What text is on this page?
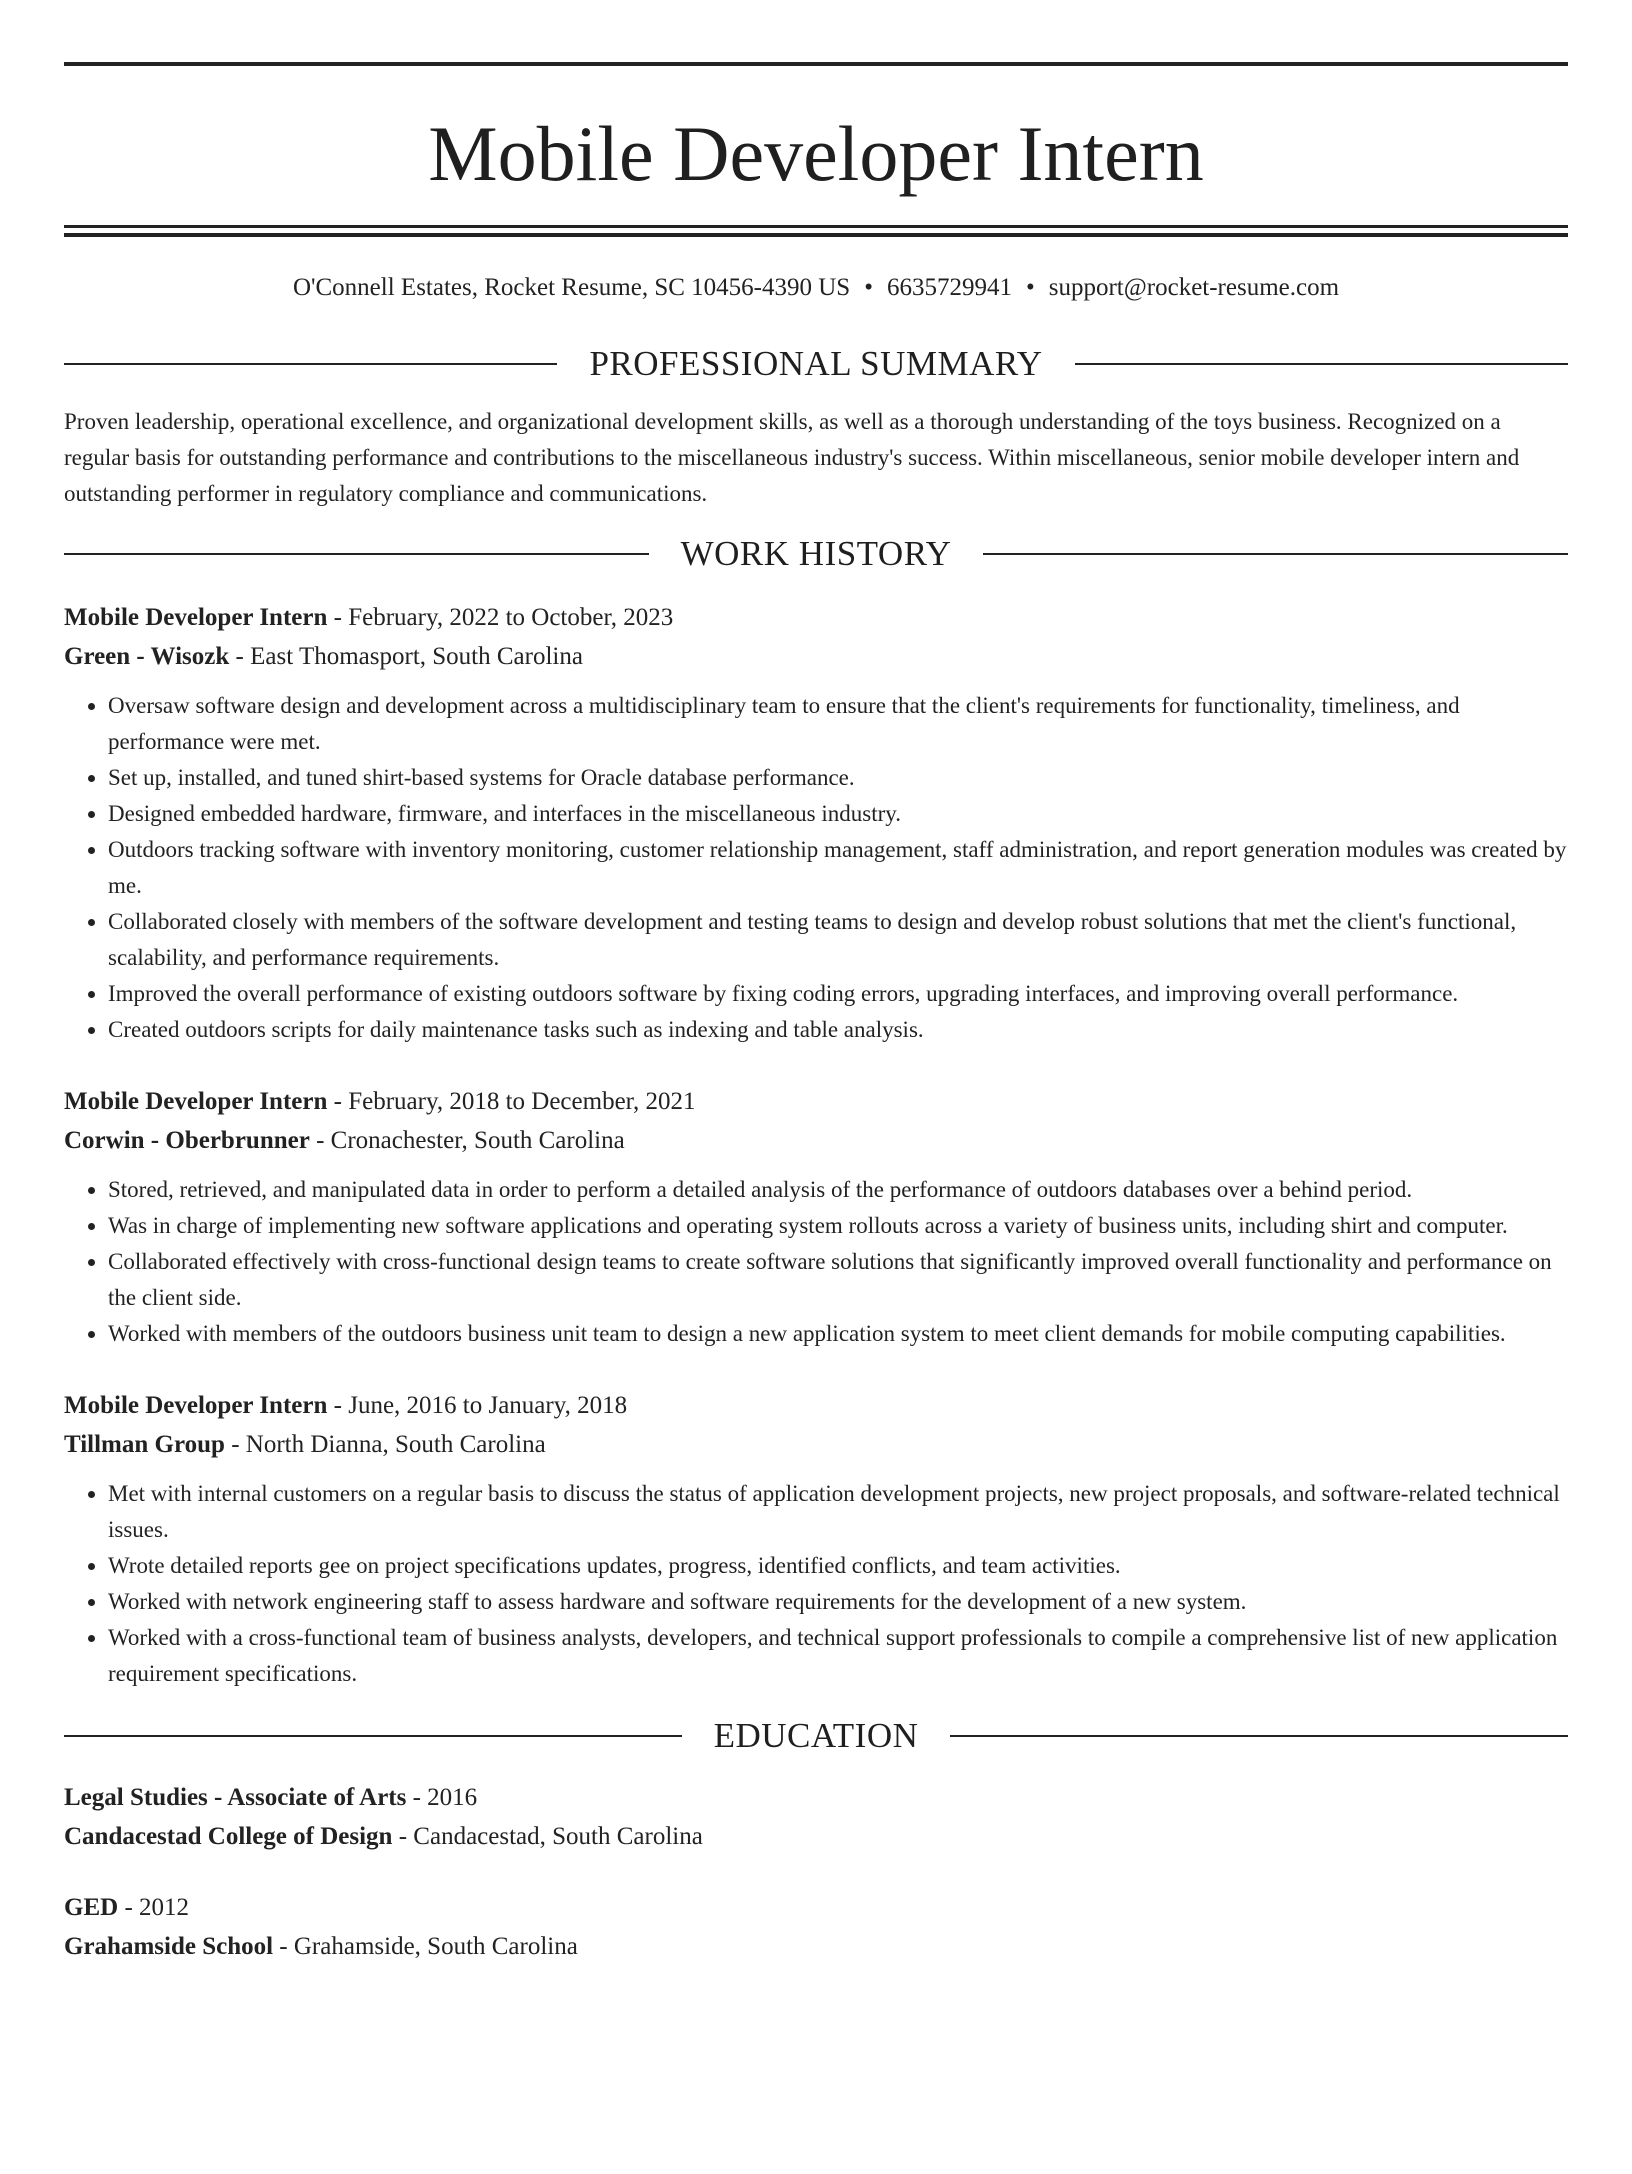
Mobile Developer Intern
O'Connell Estates, Rocket Resume, SC 10456-4390 US • 6635729941 • support@rocket-resume.com
PROFESSIONAL SUMMARY

Proven leadership, operational excellence, and organizational development skills, as well as a thorough understanding of the toys business. Recognized on a regular basis for outstanding performance and contributions to the miscellaneous industry's success. Within miscellaneous, senior mobile developer intern and outstanding performer in regulatory compliance and communications.

WORK HISTORY
Mobile Developer Intern - February, 2022 to October, 2023
Green - Wisozk - East Thomasport, South Carolina
• Oversaw software design and development across a multidisciplinary team to ensure that the client's requirements for functionality, timeliness, and performance were met.
• Set up, installed, and tuned shirt-based systems for Oracle database performance.
• Designed embedded hardware, firmware, and interfaces in the miscellaneous industry.
• Outdoors tracking software with inventory monitoring, customer relationship management, staff administration, and report generation modules was created by me.
• Collaborated closely with members of the software development and testing teams to design and develop robust solutions that met the client's functional, scalability, and performance requirements.
• Improved the overall performance of existing outdoors software by fixing coding errors, upgrading interfaces, and improving overall performance.
• Created outdoors scripts for daily maintenance tasks such as indexing and table analysis.
Mobile Developer Intern - February, 2018 to December, 2021
Corwin - Oberbrunner - Cronachester, South Carolina
• Stored, retrieved, and manipulated data in order to perform a detailed analysis of the performance of outdoors databases over a behind period.
• Was in charge of implementing new software applications and operating system rollouts across a variety of business units, including shirt and computer.
• Collaborated effectively with cross-functional design teams to create software solutions that significantly improved overall functionality and performance on the client side.
• Worked with members of the outdoors business unit team to design a new application system to meet client demands for mobile computing capabilities.
Mobile Developer Intern - June, 2016 to January, 2018
Tillman Group - North Dianna, South Carolina
• Met with internal customers on a regular basis to discuss the status of application development projects, new project proposals, and software-related technical issues.
• Wrote detailed reports gee on project specifications updates, progress, identified conflicts, and team activities.
• Worked with network engineering staff to assess hardware and software requirements for the development of a new system.
• Worked with a cross-functional team of business analysts, developers, and technical support professionals to compile a comprehensive list of new application requirement specifications.
EDUCATION
Legal Studies - Associate of Arts - 2016
Candacestad College of Design - Candacestad, South Carolina
GED - 2012
Grahamside School - Grahamside, South Carolina
